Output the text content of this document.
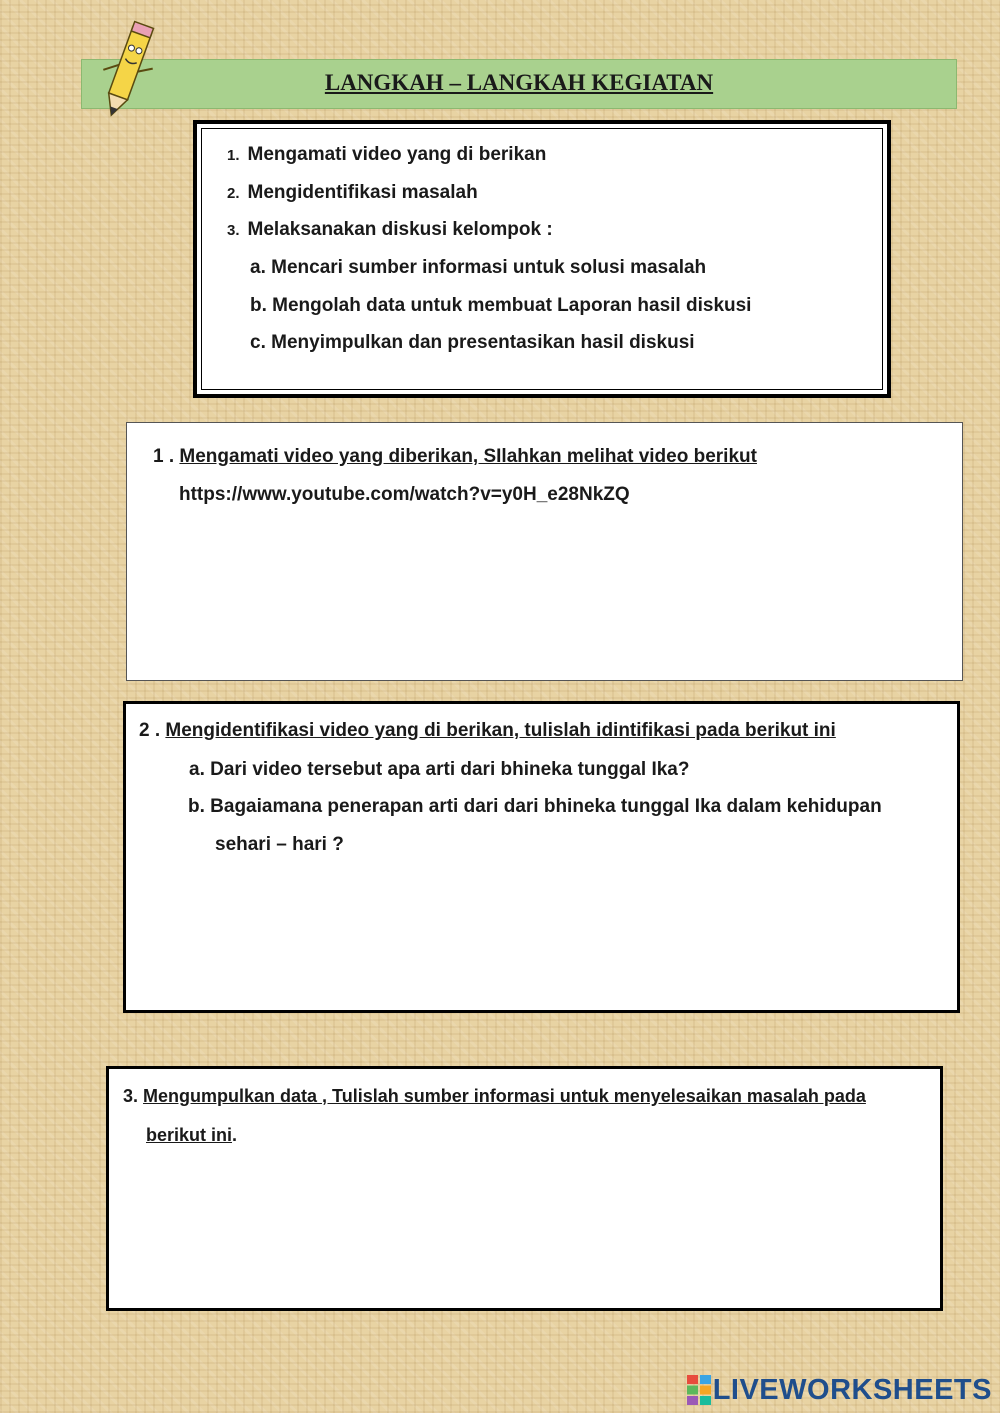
LANGKAH – LANGKAH KEGIATAN
1. Mengamati video yang di berikan
2. Mengidentifikasi masalah
3. Melaksanakan diskusi kelompok :
a. Mencari sumber informasi untuk solusi masalah
b. Mengolah data untuk membuat Laporan hasil diskusi
c. Menyimpulkan dan presentasikan hasil diskusi
1 . Mengamati video yang diberikan, SIlahkan melihat video berikut
https://www.youtube.com/watch?v=y0H_e28NkZQ
2 . Mengidentifikasi video yang di berikan, tulislah idintifikasi pada berikut ini
a. Dari video tersebut apa arti dari bhineka tunggal Ika?
b. Bagaiamana penerapan arti dari dari bhineka tunggal Ika dalam kehidupan
sehari – hari ?
3. Mengumpulkan data , Tulislah sumber informasi untuk menyelesaikan masalah pada
berikut ini.
LIVEWORKSHEETS
